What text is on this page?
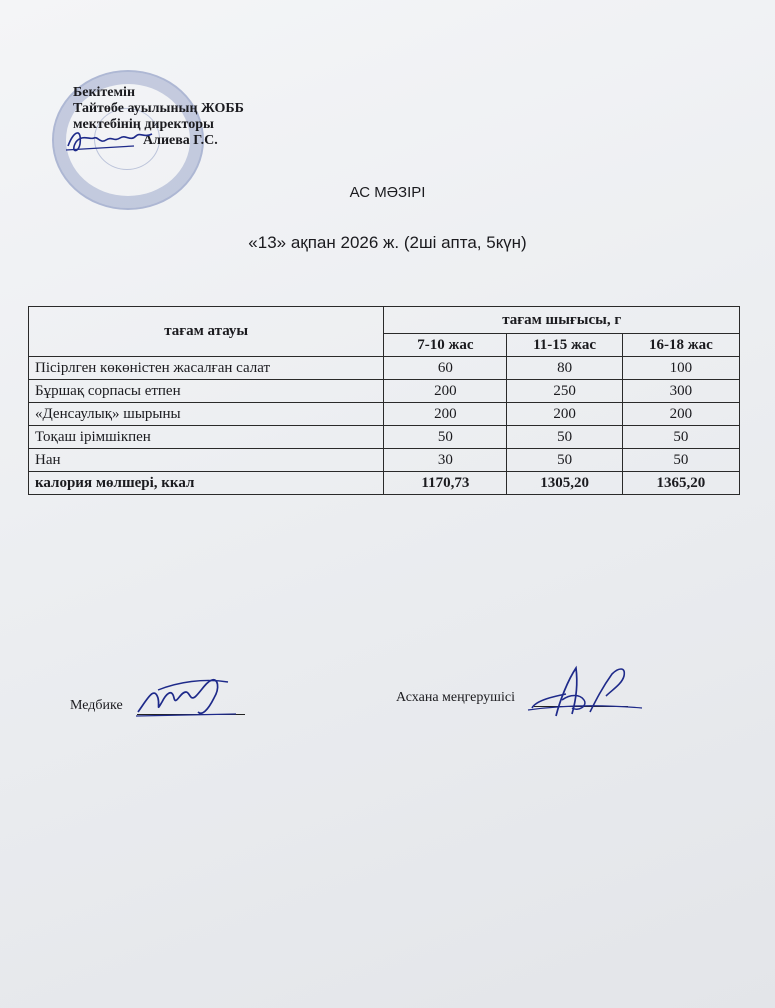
Бекітемін
Тайтөбе ауылының ЖОББ
мектебінің директоры
Алиева Г.С.
АС МӘЗІРІ
«13» ақпан 2026 ж. (2ші апта, 5күн)
тағам атауы	тағам шығысы, г		
	7-10 жас	11-15 жас	16-18 жас
Пісірлген көкөністен жасалған салат	60	80	100
Бұршақ сорпасы етпен	200	250	300
«Денсаулық» шырыны	200	200	200
Тоқаш ірімшікпен	50	50	50
Нан	30	50	50
калория мөлшері, ккал	1170,73	1305,20	1365,20
Медбике
Асхана меңгерушісі
